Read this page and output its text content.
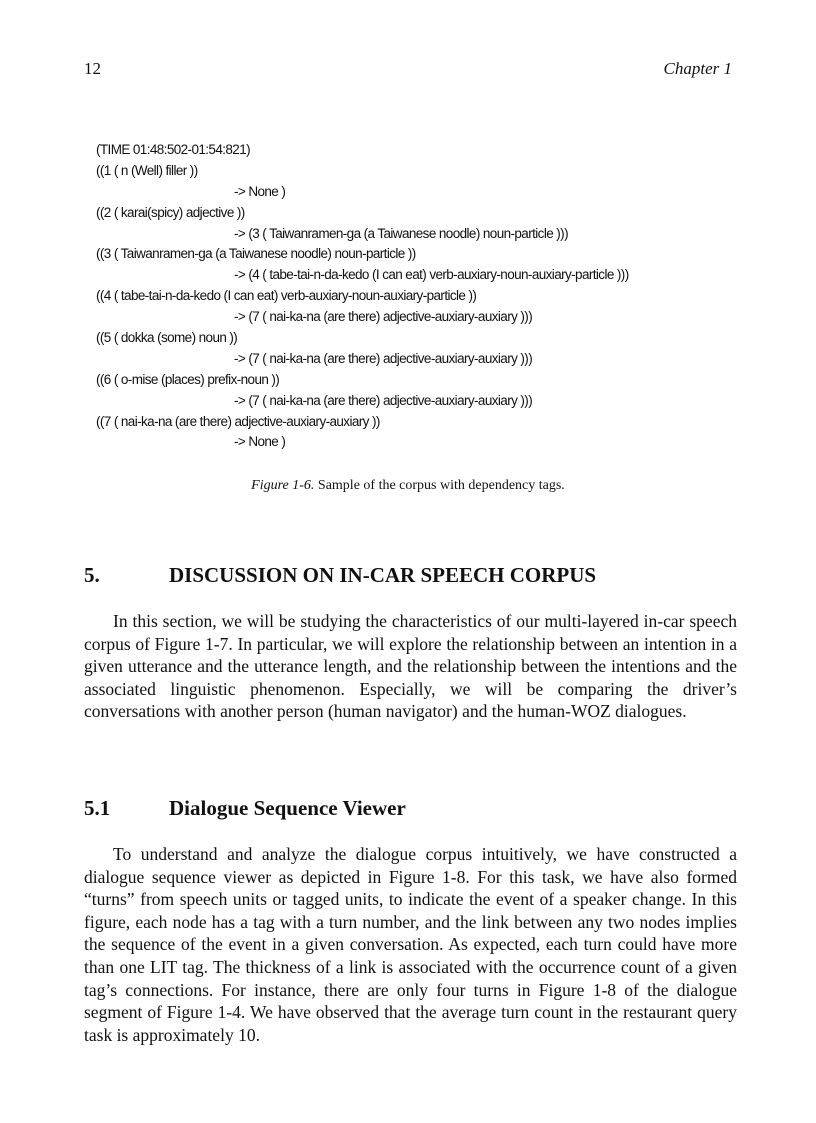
12	Chapter 1
(TIME 01:48:502-01:54:821)
((1 ( n (Well) filler ))
-> None )
((2 ( karai(spicy) adjective ))
-> (3 ( Taiwanramen-ga (a Taiwanese noodle) noun-particle )))
((3 ( Taiwanramen-ga (a Taiwanese noodle) noun-particle ))
-> (4 ( tabe-tai-n-da-kedo (I can eat) verb-auxiary-noun-auxiary-particle )))
((4 ( tabe-tai-n-da-kedo (I can eat) verb-auxiary-noun-auxiary-particle ))
-> (7 ( nai-ka-na (are there) adjective-auxiary-auxiary )))
((5 ( dokka (some) noun ))
-> (7 ( nai-ka-na (are there) adjective-auxiary-auxiary )))
((6 ( o-mise (places) prefix-noun ))
-> (7 ( nai-ka-na (are there) adjective-auxiary-auxiary )))
((7 ( nai-ka-na (are there) adjective-auxiary-auxiary ))
-> None )
Figure 1-6. Sample of the corpus with dependency tags.
5.	DISCUSSION ON IN-CAR SPEECH CORPUS

In this section, we will be studying the characteristics of our multi-layered in-car speech corpus of Figure 1-7. In particular, we will explore the relationship between an intention in a given utterance and the utterance length, and the relationship between the intentions and the associated linguistic phenomenon. Especially, we will be comparing the driver’s conversations with another person (human navigator) and the human-WOZ dialogues.

5.1	Dialogue Sequence Viewer

To understand and analyze the dialogue corpus intuitively, we have constructed a dialogue sequence viewer as depicted in Figure 1-8. For this task, we have also formed “turns” from speech units or tagged units, to indicate the event of a speaker change. In this figure, each node has a tag with a turn number, and the link between any two nodes implies the sequence of the event in a given conversation. As expected, each turn could have more than one LIT tag. The thickness of a link is associated with the occurrence count of a given tag’s connections. For instance, there are only four turns in Figure 1-8 of the dialogue segment of Figure 1-4. We have observed that the average turn count in the restaurant query task is approximately 10.
